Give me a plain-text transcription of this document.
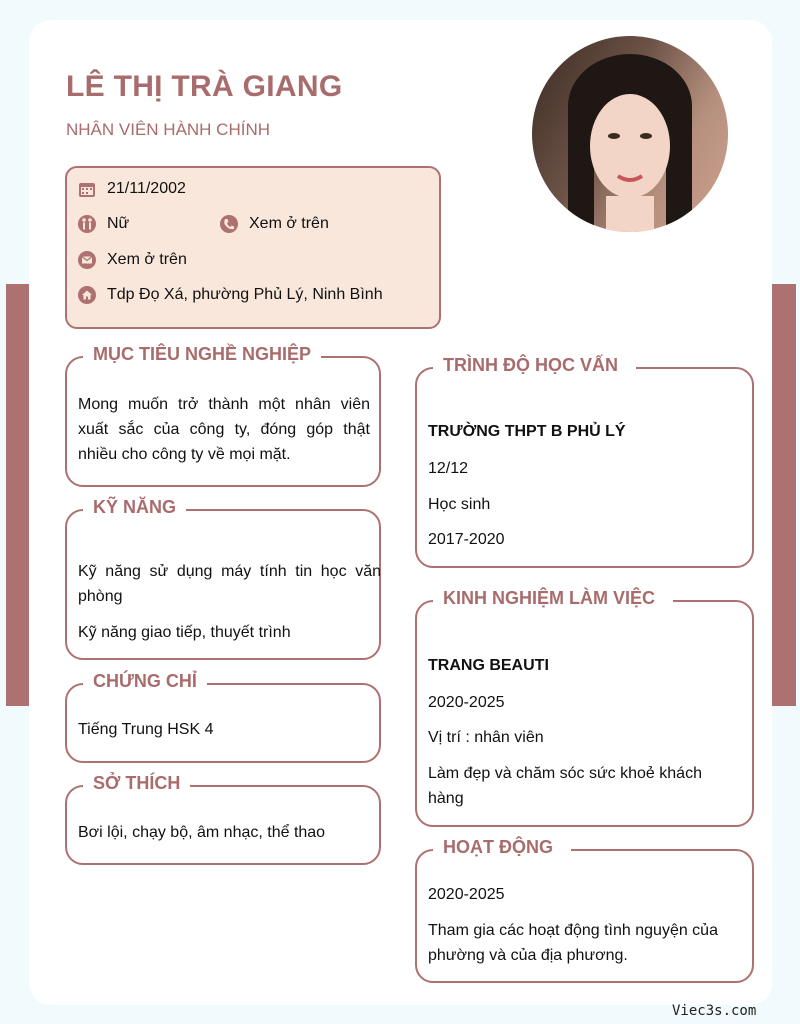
LÊ THỊ TRÀ GIANG
NHÂN VIÊN HÀNH CHÍNH
21/11/2002
Nữ	Xem ở trên
Xem ở trên
Tdp Đọ Xá, phường Phủ Lý, Ninh Bình
MỤC TIÊU NGHỀ NGHIỆP
Mong muốn trở thành một nhân viên xuất sắc của công ty, đóng góp thật nhiều cho công ty về mọi mặt.
KỸ NĂNG
Kỹ năng sử dụng máy tính tin học văn phòng
Kỹ năng giao tiếp, thuyết trình
CHỨNG CHỈ
Tiếng Trung HSK 4
SỞ THÍCH
Bơi lội, chạy bộ, âm nhạc, thể thao
TRÌNH ĐỘ HỌC VẤN
TRƯỜNG THPT B PHỦ LÝ
12/12
Học sinh
2017-2020
KINH NGHIỆM LÀM VIỆC
TRANG BEAUTI
2020-2025
Vị trí : nhân viên
Làm đẹp và chăm sóc sức khoẻ khách hàng
HOẠT ĐỘNG
2020-2025
Tham gia các hoạt động tình nguyện của phường và của địa phương.
Viec3s.com
